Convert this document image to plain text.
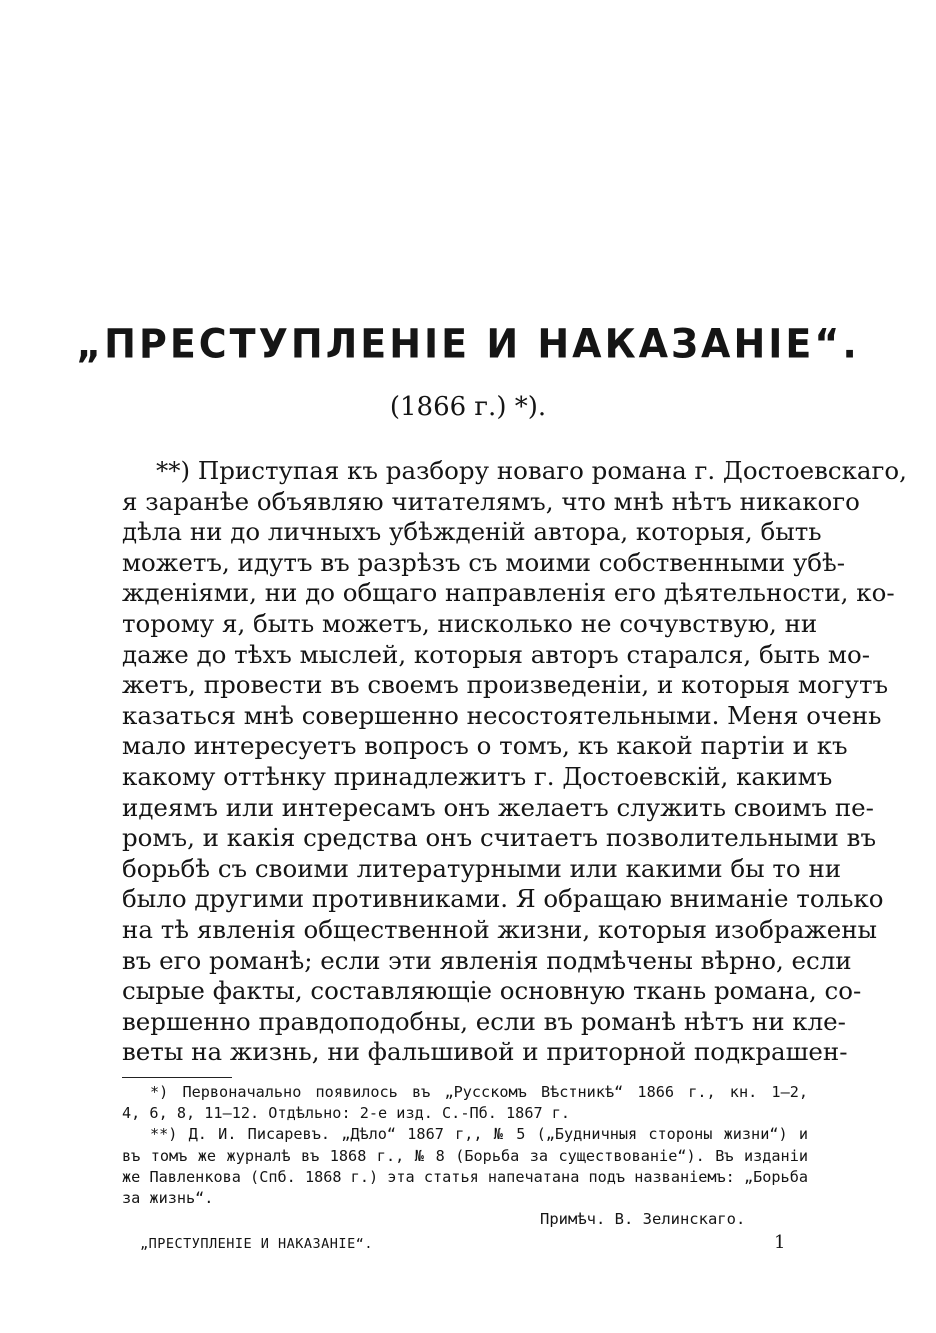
„ПРЕСТУПЛЕНІЕ И НАКАЗАНІЕ“.
(1866 г.) *).
**) Приступая къ разбору новаго романа г. Достоевскаго,
я заранѣе объявляю читателямъ, что мнѣ нѣтъ никакого
дѣла ни до личныхъ убѣжденій автора, которыя, быть
можетъ, идутъ въ разрѣзъ съ моими собственными убѣ-
жденіями, ни до общаго направленія его дѣятельности, ко-
торому я, быть можетъ, нисколько не сочувствую, ни
даже до тѣхъ мыслей, которыя авторъ старался, быть мо-
жетъ, провести въ своемъ произведеніи, и которыя могутъ
казаться мнѣ совершенно несостоятельными. Меня очень
мало интересуетъ вопросъ о томъ, къ какой партіи и къ
какому оттѣнку принадлежитъ г. Достоевскій, какимъ
идеямъ или интересамъ онъ желаетъ служить своимъ пе-
ромъ, и какія средства онъ считаетъ позволительными въ
борьбѣ съ своими литературными или какими бы то ни
было другими противниками. Я обращаю вниманіе только
на тѣ явленія общественной жизни, которыя изображены
въ его романѣ; если эти явленія подмѣчены вѣрно, если
сырые факты, составляющіе основную ткань романа, со-
вершенно правдоподобны, если въ романѣ нѣтъ ни кле-
веты на жизнь, ни фальшивой и приторной подкрашен-
*) Первоначально появилось въ „Русскомъ Вѣстникѣ“ 1866 г., кн. 1—2,
4, 6, 8, 11—12. Отдѣльно: 2-е изд. С.-Пб. 1867 г.
**) Д. И. Писаревъ. „Дѣло“ 1867 г,, № 5 („Будничныя стороны жизни“) и
въ томъ же журналѣ въ 1868 г., № 8 (Борьба за существованіе“). Въ изданіи
же Павленкова (Спб. 1868 г.) эта статья напечатана подъ названіемъ: „Борьба
за жизнь“.
Примѣч. В. Зелинскаго.
„ПРЕСТУПЛЕНІЕ И НАКАЗАНІЕ“.	1
